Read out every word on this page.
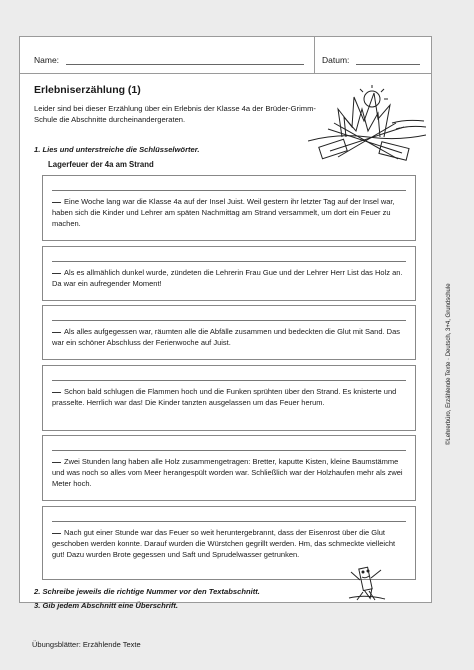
Name:	Datum:
Erlebniserzählung (1)
Leider sind bei dieser Erzählung über ein Erlebnis der Klasse 4a der Brüder-Grimm-Schule die Abschnitte durcheinandergeraten.
1. Lies und unterstreiche die Schlüsselwörter.
Lagerfeuer der 4a am Strand
Eine Woche lang war die Klasse 4a auf der Insel Juist. Weil gestern ihr letzter Tag auf der Insel war, haben sich die Kinder und Lehrer am späten Nachmittag am Strand versammelt, um dort ein Feuer zu machen.
Als es allmählich dunkel wurde, zündeten die Lehrerin Frau Gue und der Lehrer Herr List das Holz an. Da war ein aufregender Moment!
Als alles aufgegessen war, räumten alle die Abfälle zusammen und bedeckten die Glut mit Sand. Das war ein schöner Abschluss der Ferienwoche auf Juist.
Schon bald schlugen die Flammen hoch und die Funken sprühten über den Strand. Es knisterte und prasselte. Herrlich war das! Die Kinder tanzten ausgelassen um das Feuer herum.
Zwei Stunden lang haben alle Holz zusammengetragen: Bretter, kaputte Kisten, kleine Baumstämme und was noch so alles vom Meer herangespült worden war. Schließlich war der Holzhaufen mehr als zwei Meter hoch.
Nach gut einer Stunde war das Feuer so weit heruntergebrannt, dass der Eisenrost über die Glut geschoben werden konnte. Darauf wurden die Würstchen gegrillt werden. Hm, das schmeckte vielleicht gut! Dazu wurden Brote gegessen und Saft und Sprudelwasser getrunken.
2. Schreibe jeweils die richtige Nummer vor den Textabschnitt.
3. Gib jedem Abschnitt eine Überschrift.
Übungsblätter: Erzählende Texte
©Lehrerbüro, Erzählende Texte · Deutsch, 3+4, Grundschule
